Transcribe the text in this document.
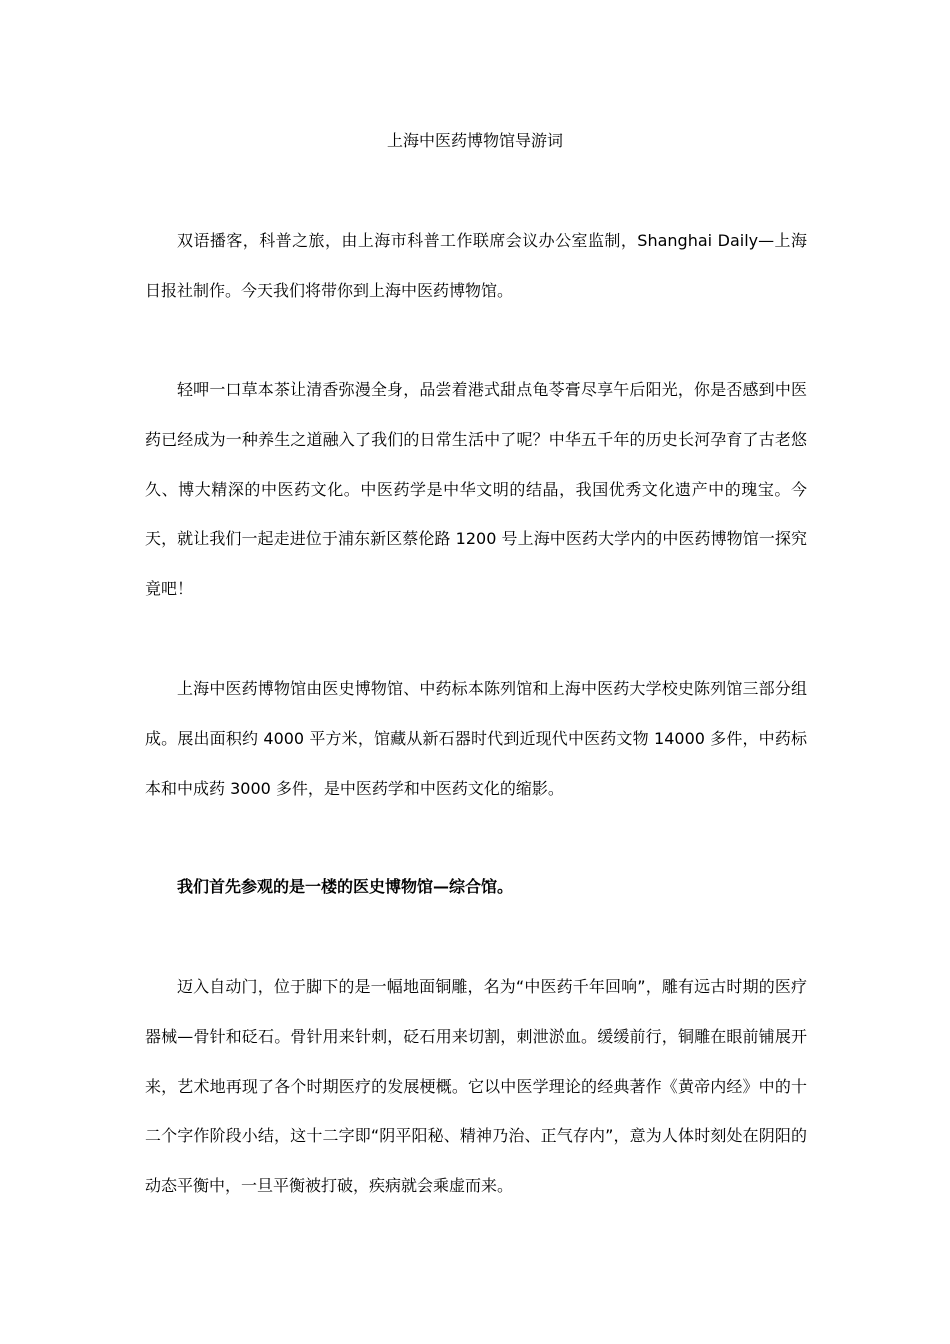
上海中医药博物馆导游词

双语播客，科普之旅，由上海市科普工作联席会议办公室监制，Shanghai Daily—上海日报社制作。今天我们将带你到上海中医药博物馆。

轻呷一口草本茶让清香弥漫全身，品尝着港式甜点龟苓膏尽享午后阳光，你是否感到中医药已经成为一种养生之道融入了我们的日常生活中了呢？中华五千年的历史长河孕育了古老悠久、博大精深的中医药文化。中医药学是中华文明的结晶，我国优秀文化遗产中的瑰宝。今天，就让我们一起走进位于浦东新区蔡伦路 1200 号上海中医药大学内的中医药博物馆一探究竟吧！

上海中医药博物馆由医史博物馆、中药标本陈列馆和上海中医药大学校史陈列馆三部分组成。展出面积约 4000 平方米，馆藏从新石器时代到近现代中医药文物 14000 多件，中药标本和中成药 3000 多件，是中医药学和中医药文化的缩影。

我们首先参观的是一楼的医史博物馆—综合馆。

迈入自动门，位于脚下的是一幅地面铜雕，名为“中医药千年回响”，雕有远古时期的医疗器械—骨针和砭石。骨针用来针刺，砭石用来切割，刺泄淤血。缓缓前行，铜雕在眼前铺展开来，艺术地再现了各个时期医疗的发展梗概。它以中医学理论的经典著作《黄帝内经》中的十二个字作阶段小结，这十二字即“阴平阳秘、精神乃治、正气存内”，意为人体时刻处在阴阳的动态平衡中，一旦平衡被打破，疾病就会乘虚而来。
